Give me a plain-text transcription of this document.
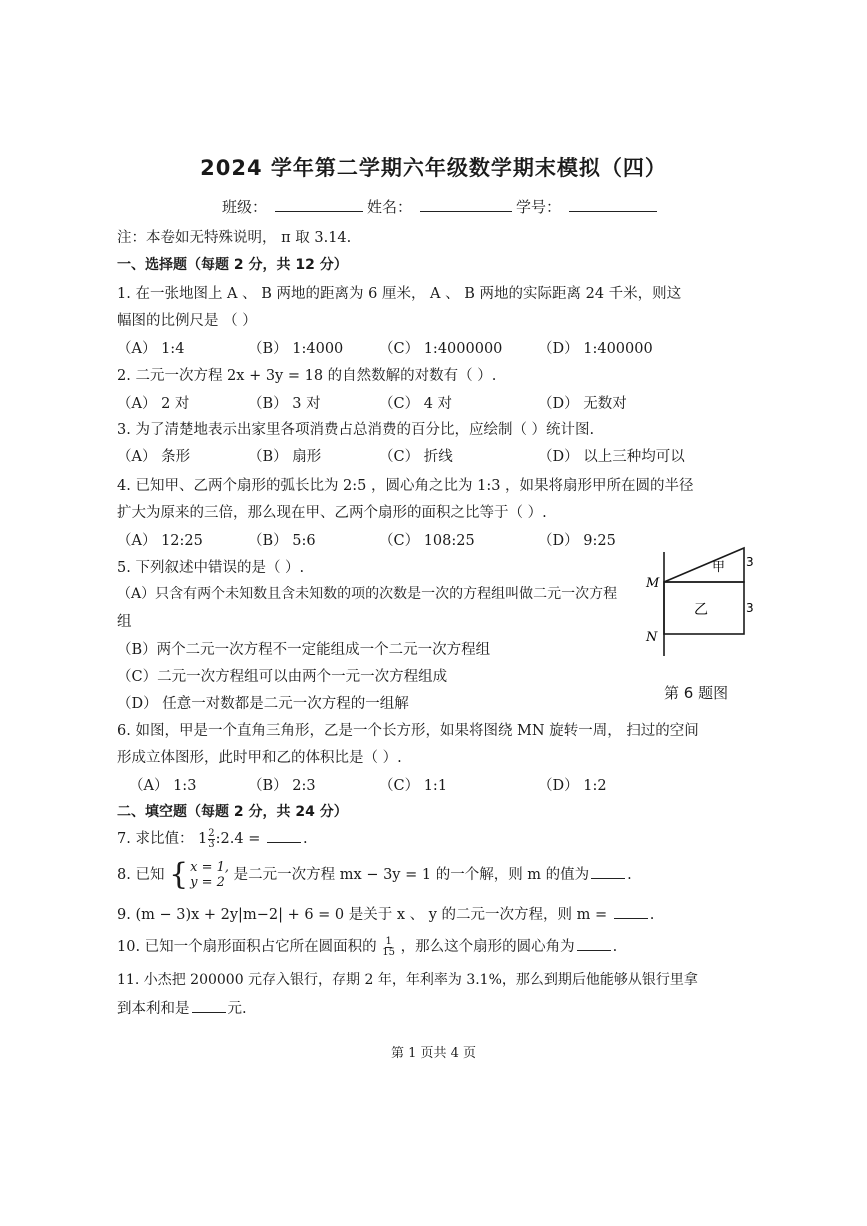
2024 学年第二学期六年级数学期末模拟（四）
班级：	姓名：	学号：
注：本卷如无特殊说明， π 取 3.14.
一、选择题（每题 2 分，共 12 分）
1. 在一张地图上 A 、 B 两地的距离为 6 厘米， A 、 B 两地的实际距离 24 千米，则这
幅图的比例尺是 （ ）
（A） 1:4	（B） 1:4000 （C） 1:4000000 （D） 1:400000
2. 二元一次方程 2x + 3y = 18 的自然数解的对数有（ ）.
（A） 2 对	（B） 3 对	（C） 4 对	（D） 无数对
3. 为了清楚地表示出家里各项消费占总消费的百分比，应绘制（ ）统计图.
（A） 条形	（B） 扇形	（C） 折线	（D） 以上三种均可以
4. 已知甲、乙两个扇形的弧长比为 2:5 ，圆心角之比为 1:3 ，如果将扇形甲所在圆的半径
扩大为原来的三倍，那么现在甲、乙两个扇形的面积之比等于（ ）.
（A） 12:25	（B） 5:6	（C） 108:25	（D） 9:25
5. 下列叙述中错误的是（ ）.
（A）只含有两个未知数且含未知数的项的次数是一次的方程组叫做二元一次方程
组
（B）两个二元一次方程不一定能组成一个二元一次方程组
（C）二元一次方程组可以由两个一元一次方程组成
（D） 任意一对数都是二元一次方程的一组解
甲
乙
M
N
3
3
第 6 题图
6. 如图，甲是一个直角三角形，乙是一个长方形，如果将图绕 MN 旋转一周， 扫过的空间
形成立体图形，此时甲和乙的体积比是（ ）.
（A） 1:3	（B） 2:3	（C） 1:1	（D） 1:2
二、填空题（每题 2 分，共 24 分）
7. 求比值： $1 \frac{2}{3}$ :2.4 =	.
8. 已知 { x = 1,
y = 2 是二元一次方程 mx − 3y = 1 的一个解，则 m 的值为	.
9. (m − 3)x + 2y|m−2| + 6 = 0 是关于 x 、 y 的二元一次方程，则 m =	.
10. 已知一个扇形面积占它所在圆面积的 $\frac{1}{15}$ ，那么这个扇形的圆心角为	.
11. 小杰把 200000 元存入银行，存期 2 年，年利率为 3.1%，那么到期后他能够从银行里拿
到本利和是	元.
第 1 页共 4 页
